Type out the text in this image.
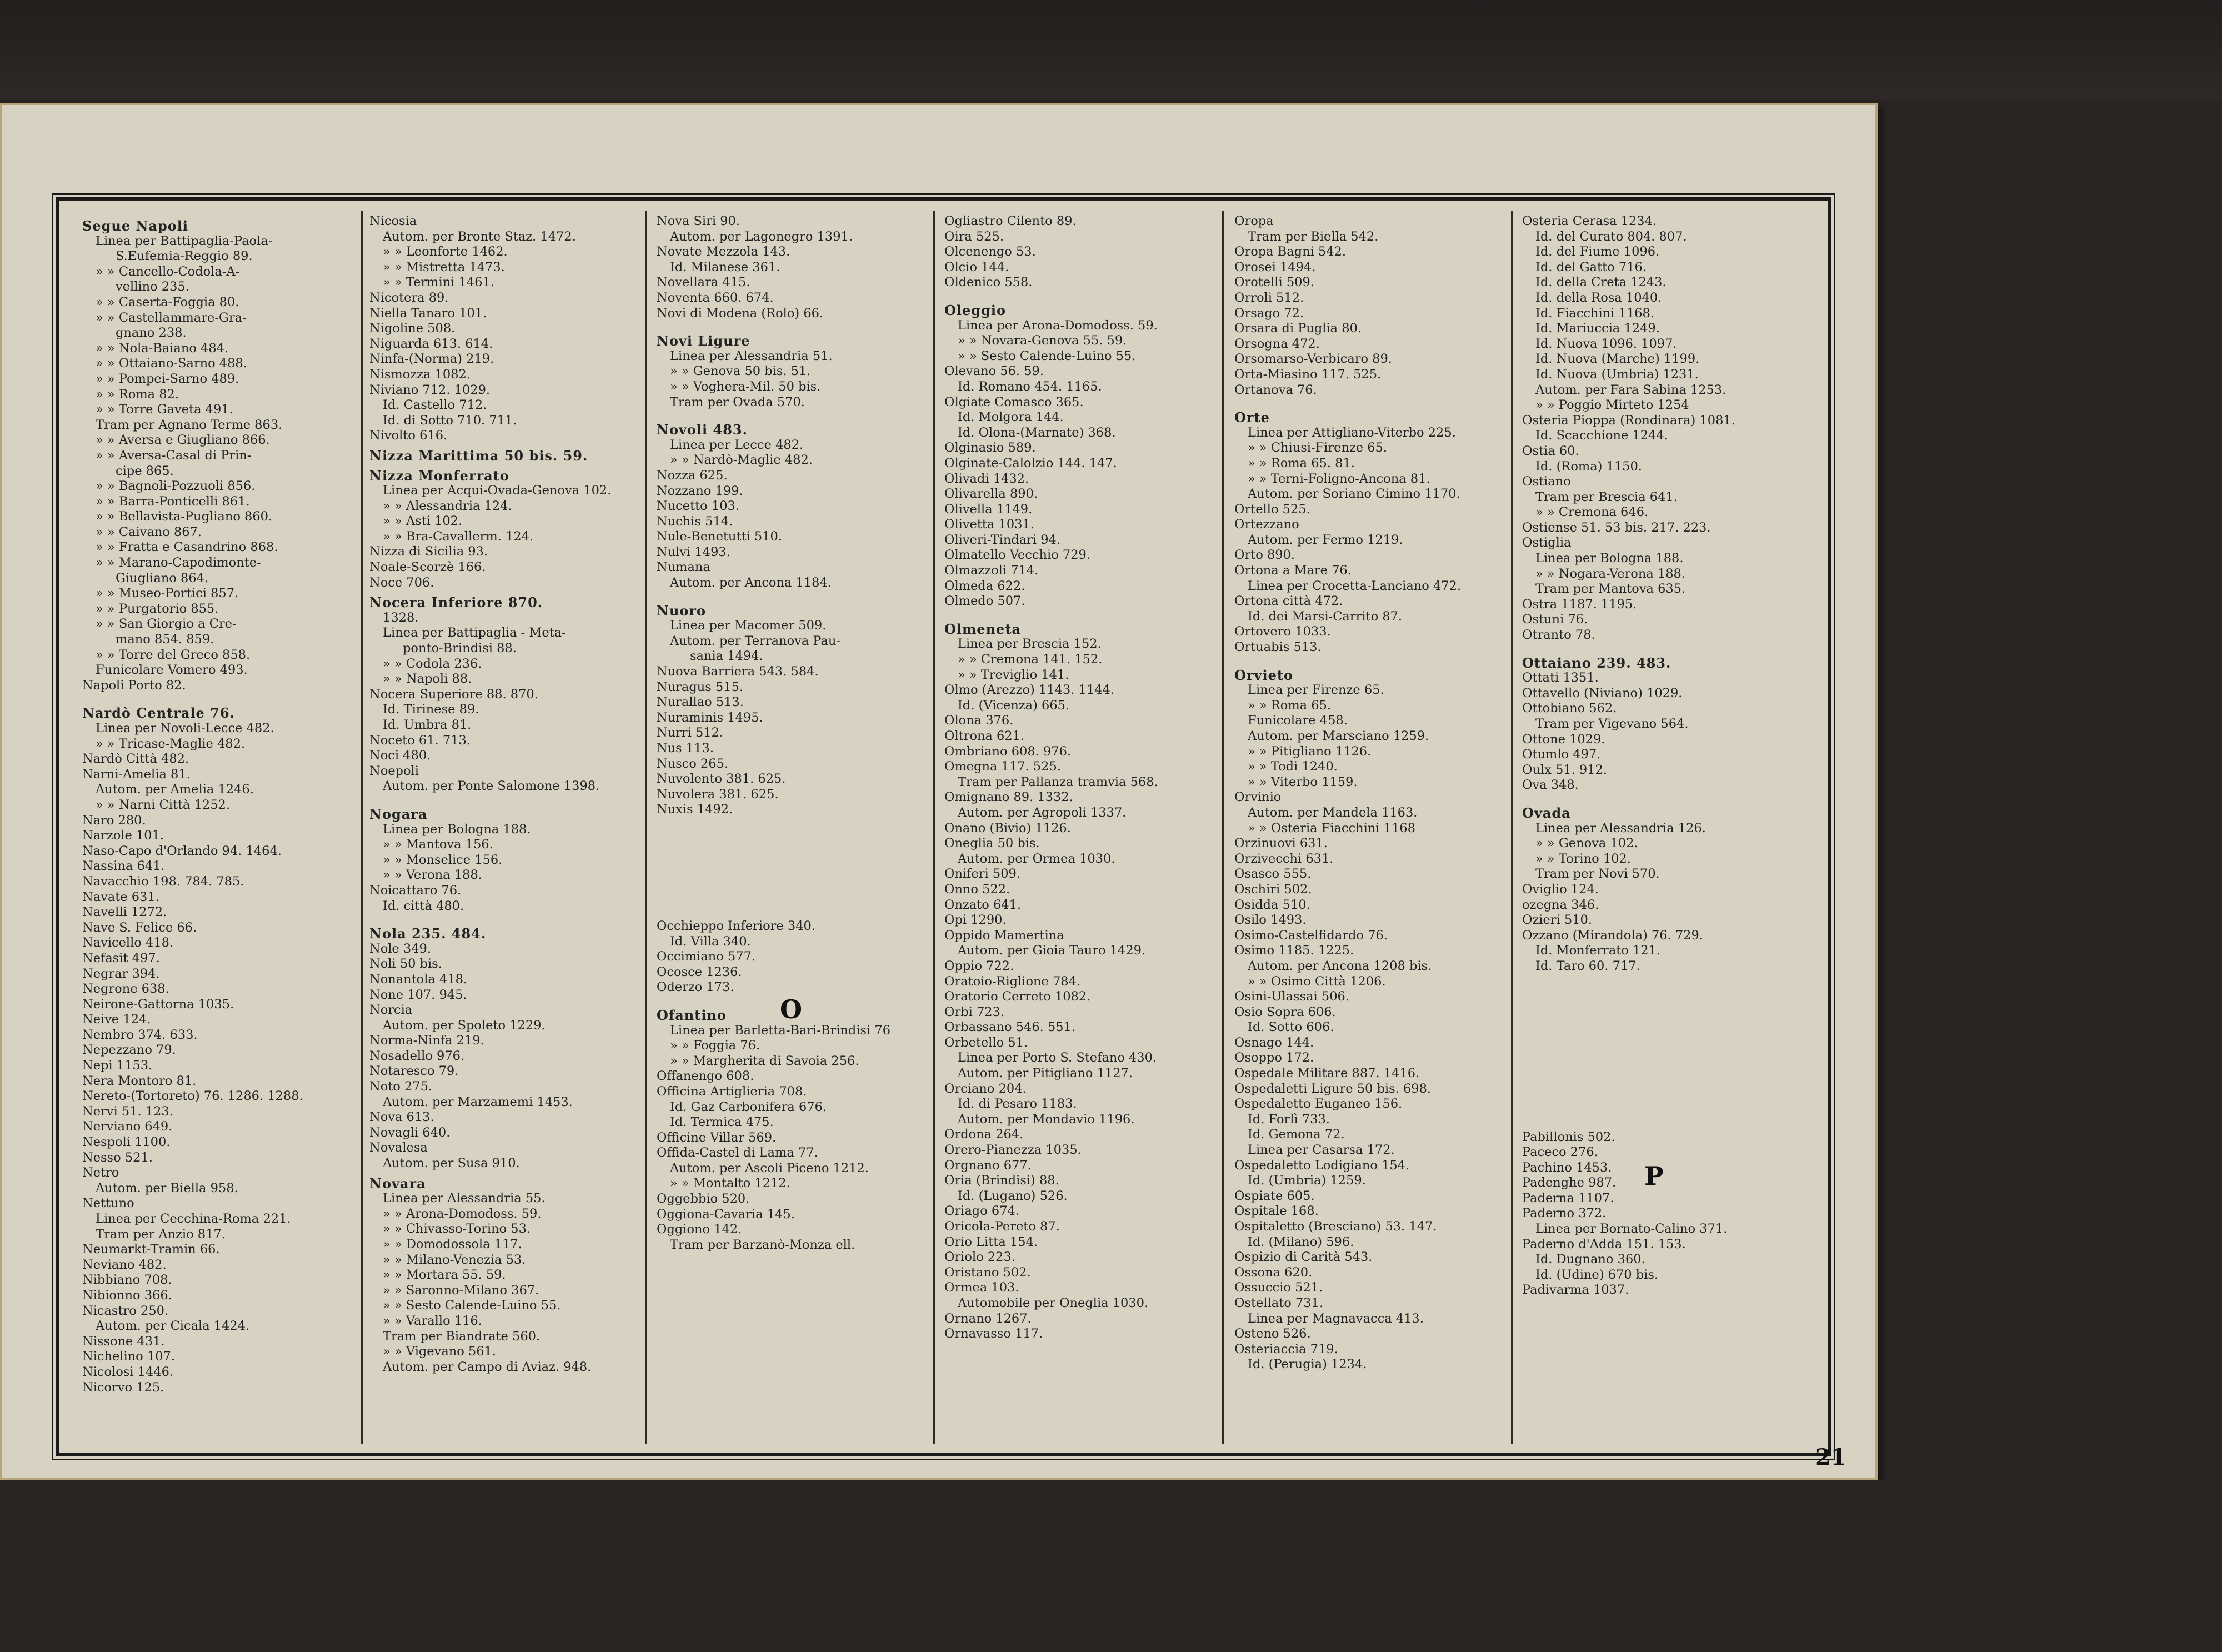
Segue Napoli
Linea per Battipaglia-Paola-
S.Eufemia-Reggio 89.
» » Cancello-Codola-A-
vellino 235.
» » Caserta-Foggia 80.
» » Castellammare-Gra-
gnano 238.
» » Nola-Baiano 484.
» » Ottaiano-Sarno 488.
» » Pompei-Sarno 489.
» » Roma 82.
» » Torre Gaveta 491.
Tram per Agnano Terme 863.
» » Aversa e Giugliano 866.
» » Aversa-Casal di Prin-
cipe 865.
» » Bagnoli-Pozzuoli 856.
» » Barra-Ponticelli 861.
» » Bellavista-Pugliano 860.
» » Caivano 867.
» » Fratta e Casandrino 868.
» » Marano-Capodimonte-
Giugliano 864.
» » Museo-Portici 857.
» » Purgatorio 855.
» » San Giorgio a Cre-
mano 854. 859.
» » Torre del Greco 858.
Funicolare Vomero 493.
Napoli Porto 82.
Nardò Centrale 76.
Linea per Novoli-Lecce 482.
» » Tricase-Maglie 482.
Nardò Città 482.
Narni-Amelia 81.
Autom. per Amelia 1246.
» » Narni Città 1252.
Naro 280.
Narzole 101.
Naso-Capo d'Orlando 94. 1464.
Nassina 641.
Navacchio 198. 784. 785.
Navate 631.
Navelli 1272.
Nave S. Felice 66.
Navicello 418.
Nefasit 497.
Negrar 394.
Negrone 638.
Neirone-Gattorna 1035.
Neive 124.
Nembro 374. 633.
Nepezzano 79.
Nepi 1153.
Nera Montoro 81.
Nereto-(Tortoreto) 76. 1286. 1288.
Nervi 51. 123.
Nerviano 649.
Nespoli 1100.
Nesso 521.
Netro
Autom. per Biella 958.
Nettuno
Linea per Cecchina-Roma 221.
Tram per Anzio 817.
Neumarkt-Tramin 66.
Neviano 482.
Nibbiano 708.
Nibionno 366.
Nicastro 250.
Autom. per Cicala 1424.
Nissone 431.
Nichelino 107.
Nicolosi 1446.
Nicorvo 125.
Nicosia
Autom. per Bronte Staz. 1472.
» » Leonforte 1462.
» » Mistretta 1473.
» » Termini 1461.
Nicotera 89.
Niella Tanaro 101.
Nigoline 508.
Niguarda 613. 614.
Ninfa-(Norma) 219.
Nismozza 1082.
Niviano 712. 1029.
Id. Castello 712.
Id. di Sotto 710. 711.
Nivolto 616.
Nizza Marittima 50 bis. 59.
Nizza Monferrato
Linea per Acqui-Ovada-Genova 102.
» » Alessandria 124.
» » Asti 102.
» » Bra-Cavallerm. 124.
Nizza di Sicilia 93.
Noale-Scorzè 166.
Noce 706.
Nocera Inferiore 870.
1328.
Linea per Battipaglia - Meta-
ponto-Brindisi 88.
» » Codola 236.
» » Napoli 88.
Nocera Superiore 88. 870.
Id. Tirinese 89.
Id. Umbra 81.
Noceto 61. 713.
Noci 480.
Noepoli
Autom. per Ponte Salomone 1398.
Nogara
Linea per Bologna 188.
» » Mantova 156.
» » Monselice 156.
» » Verona 188.
Noicattaro 76.
Id. città 480.
Nola 235. 484.
Nole 349.
Noli 50 bis.
Nonantola 418.
None 107. 945.
Norcia
Autom. per Spoleto 1229.
Norma-Ninfa 219.
Nosadello 976.
Notaresco 79.
Noto 275.
Autom. per Marzamemi 1453.
Nova 613.
Novagli 640.
Novalesa
Autom. per Susa 910.
Novara
Linea per Alessandria 55.
» » Arona-Domodoss. 59.
» » Chivasso-Torino 53.
» » Domodossola 117.
» » Milano-Venezia 53.
» » Mortara 55. 59.
» » Saronno-Milano 367.
» » Sesto Calende-Luino 55.
» » Varallo 116.
Tram per Biandrate 560.
» » Vigevano 561.
Autom. per Campo di Aviaz. 948.
Nova Siri 90.
Autom. per Lagonegro 1391.
Novate Mezzola 143.
Id. Milanese 361.
Novellara 415.
Noventa 660. 674.
Novi di Modena (Rolo) 66.
Novi Ligure
Linea per Alessandria 51.
» » Genova 50 bis. 51.
» » Voghera-Mil. 50 bis.
Tram per Ovada 570.
Novoli 483.
Linea per Lecce 482.
» » Nardò-Maglie 482.
Nozza 625.
Nozzano 199.
Nucetto 103.
Nuchis 514.
Nule-Benetutti 510.
Nulvi 1493.
Numana
Autom. per Ancona 1184.
Nuoro
Linea per Macomer 509.
Autom. per Terranova Pau-
sania 1494.
Nuova Barriera 543. 584.
Nuragus 515.
Nurallao 513.
Nuraminis 1495.
Nurri 512.
Nus 113.
Nusco 265.
Nuvolento 381. 625.
Nuvolera 381. 625.
Nuxis 1492.
Occhieppo Inferiore 340.
Id. Villa 340.
Occimiano 577.
Ocosce 1236.
Oderzo 173.
Ofantino
Linea per Barletta-Bari-Brindisi 76
» » Foggia 76.
» » Margherita di Savoia 256.
Offanengo 608.
Officina Artiglieria 708.
Id. Gaz Carbonifera 676.
Id. Termica 475.
Officine Villar 569.
Offida-Castel di Lama 77.
Autom. per Ascoli Piceno 1212.
» » Montalto 1212.
Oggebbio 520.
Oggiona-Cavaria 145.
Oggiono 142.
Tram per Barzanò-Monza ell.
Ogliastro Cilento 89.
Oira 525.
Olcenengo 53.
Olcio 144.
Oldenico 558.
Oleggio
Linea per Arona-Domodoss. 59.
» » Novara-Genova 55. 59.
» » Sesto Calende-Luino 55.
Olevano 56. 59.
Id. Romano 454. 1165.
Olgiate Comasco 365.
Id. Molgora 144.
Id. Olona-(Marnate) 368.
Olginasio 589.
Olginate-Calolzio 144. 147.
Olivadi 1432.
Olivarella 890.
Olivella 1149.
Olivetta 1031.
Oliveri-Tindari 94.
Olmatello Vecchio 729.
Olmazzoli 714.
Olmeda 622.
Olmedo 507.
Olmeneta
Linea per Brescia 152.
» » Cremona 141. 152.
» » Treviglio 141.
Olmo (Arezzo) 1143. 1144.
Id. (Vicenza) 665.
Olona 376.
Oltrona 621.
Ombriano 608. 976.
Omegna 117. 525.
Tram per Pallanza tramvia 568.
Omignano 89. 1332.
Autom. per Agropoli 1337.
Onano (Bivio) 1126.
Oneglia 50 bis.
Autom. per Ormea 1030.
Oniferi 509.
Onno 522.
Onzato 641.
Opi 1290.
Oppido Mamertina
Autom. per Gioia Tauro 1429.
Oppio 722.
Oratoio-Riglione 784.
Oratorio Cerreto 1082.
Orbi 723.
Orbassano 546. 551.
Orbetello 51.
Linea per Porto S. Stefano 430.
Autom. per Pitigliano 1127.
Orciano 204.
Id. di Pesaro 1183.
Autom. per Mondavio 1196.
Ordona 264.
Orero-Pianezza 1035.
Orgnano 677.
Oria (Brindisi) 88.
Id. (Lugano) 526.
Oriago 674.
Oricola-Pereto 87.
Orio Litta 154.
Oriolo 223.
Oristano 502.
Ormea 103.
Automobile per Oneglia 1030.
Ornano 1267.
Ornavasso 117.
Oropa
Tram per Biella 542.
Oropa Bagni 542.
Orosei 1494.
Orotelli 509.
Orroli 512.
Orsago 72.
Orsara di Puglia 80.
Orsogna 472.
Orsomarso-Verbicaro 89.
Orta-Miasino 117. 525.
Ortanova 76.
Orte
Linea per Attigliano-Viterbo 225.
» » Chiusi-Firenze 65.
» » Roma 65. 81.
» » Terni-Foligno-Ancona 81.
Autom. per Soriano Cimino 1170.
Ortello 525.
Ortezzano
Autom. per Fermo 1219.
Orto 890.
Ortona a Mare 76.
Linea per Crocetta-Lanciano 472.
Ortona città 472.
Id. dei Marsi-Carrito 87.
Ortovero 1033.
Ortuabis 513.
Orvieto
Linea per Firenze 65.
» » Roma 65.
Funicolare 458.
Autom. per Marsciano 1259.
» » Pitigliano 1126.
» » Todi 1240.
» » Viterbo 1159.
Orvinio
Autom. per Mandela 1163.
» » Osteria Fiacchini 1168
Orzinuovi 631.
Orzivecchi 631.
Osasco 555.
Oschiri 502.
Osidda 510.
Osilo 1493.
Osimo-Castelfidardo 76.
Osimo 1185. 1225.
Autom. per Ancona 1208 bis.
» » Osimo Città 1206.
Osini-Ulassai 506.
Osio Sopra 606.
Id. Sotto 606.
Osnago 144.
Osoppo 172.
Ospedale Militare 887. 1416.
Ospedaletti Ligure 50 bis. 698.
Ospedaletto Euganeo 156.
Id. Forlì 733.
Id. Gemona 72.
Linea per Casarsa 172.
Ospedaletto Lodigiano 154.
Id. (Umbria) 1259.
Ospiate 605.
Ospitale 168.
Ospitaletto (Bresciano) 53. 147.
Id. (Milano) 596.
Ospizio di Carità 543.
Ossona 620.
Ossuccio 521.
Ostellato 731.
Linea per Magnavacca 413.
Osteno 526.
Osteriaccia 719.
Id. (Perugia) 1234.
Osteria Cerasa 1234.
Id. del Curato 804. 807.
Id. del Fiume 1096.
Id. del Gatto 716.
Id. della Creta 1243.
Id. della Rosa 1040.
Id. Fiacchini 1168.
Id. Mariuccia 1249.
Id. Nuova 1096. 1097.
Id. Nuova (Marche) 1199.
Id. Nuova (Umbria) 1231.
Autom. per Fara Sabina 1253.
» » Poggio Mirteto 1254
Osteria Pioppa (Rondinara) 1081.
Id. Scacchione 1244.
Ostia 60.
Id. (Roma) 1150.
Ostiano
Tram per Brescia 641.
» » Cremona 646.
Ostiense 51. 53 bis. 217. 223.
Ostiglia
Linea per Bologna 188.
» » Nogara-Verona 188.
Tram per Mantova 635.
Ostra 1187. 1195.
Ostuni 76.
Otranto 78.
Ottaiano 239. 483.
Ottati 1351.
Ottavello (Niviano) 1029.
Ottobiano 562.
Tram per Vigevano 564.
Ottone 1029.
Otumlo 497.
Oulx 51. 912.
Ova 348.
Ovada
Linea per Alessandria 126.
» » Genova 102.
» » Torino 102.
Tram per Novi 570.
Oviglio 124.
ozegna 346.
Ozieri 510.
Ozzano (Mirandola) 76. 729.
Id. Monferrato 121.
Id. Taro 60. 717.
Pabillonis 502.
Paceco 276.
Pachino 1453.
Padenghe 987.
Paderna 1107.
Paderno 372.
Linea per Bornato-Calino 371.
Paderno d'Adda 151. 153.
Id. Dugnano 360.
Id. (Udine) 670 bis.
Padivarma 1037.
O
P
21
